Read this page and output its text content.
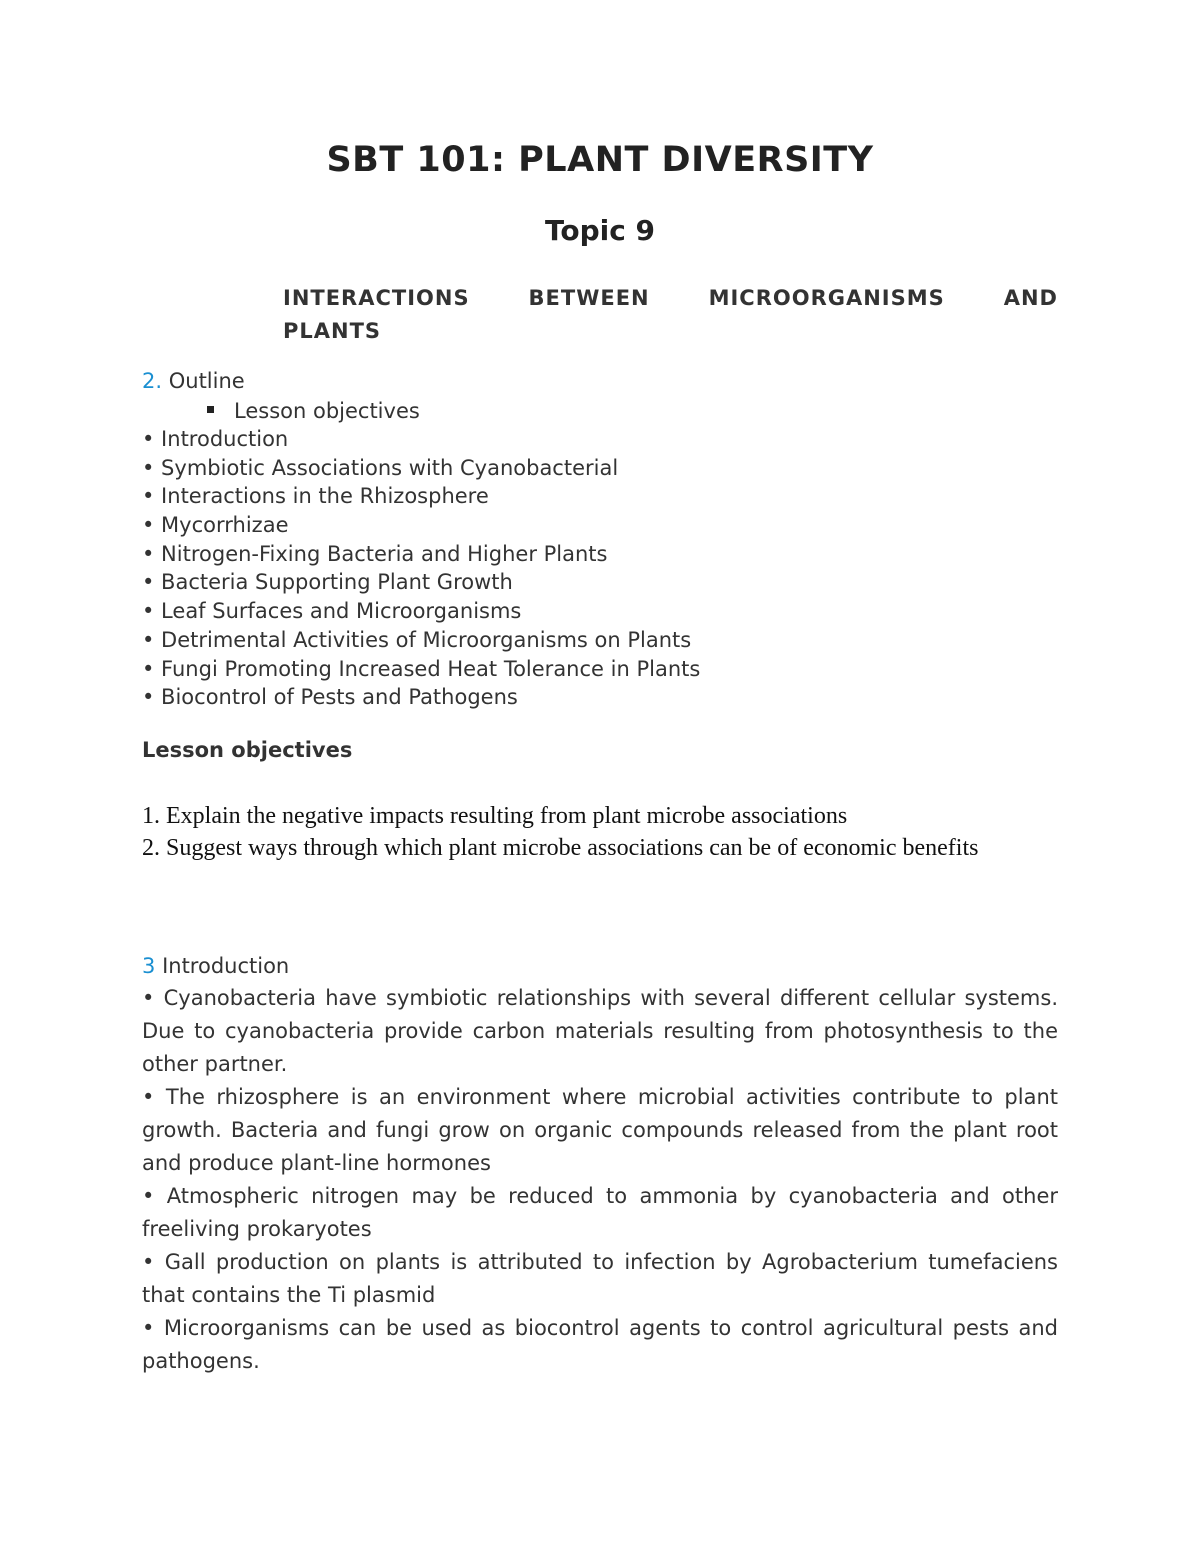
SBT 101: PLANT DIVERSITY
Topic 9
INTERACTIONS	BETWEEN	MICROORGANISMS	AND
PLANTS
2. Outline
Lesson objectives
• Introduction
• Symbiotic Associations with Cyanobacterial
• Interactions in the Rhizosphere
• Mycorrhizae
• Nitrogen-Fixing Bacteria and Higher Plants
• Bacteria Supporting Plant Growth
• Leaf Surfaces and Microorganisms
• Detrimental Activities of Microorganisms on Plants
• Fungi Promoting Increased Heat Tolerance in Plants
• Biocontrol of Pests and Pathogens
Lesson objectives
1. Explain the negative impacts resulting from plant microbe associations
2. Suggest ways through which plant microbe associations can be of economic benefits
3 Introduction
• Cyanobacteria have symbiotic relationships with several different cellular systems. Due to cyanobacteria provide carbon materials resulting from photosynthesis to the other partner.
• The rhizosphere is an environment where microbial activities contribute to plant growth. Bacteria and fungi grow on organic compounds released from the plant root and produce plant-line hormones
• Atmospheric nitrogen may be reduced to ammonia by cyanobacteria and other freeliving prokaryotes
• Gall production on plants is attributed to infection by Agrobacterium tumefaciens that contains the Ti plasmid
• Microorganisms can be used as biocontrol agents to control agricultural pests and pathogens.
